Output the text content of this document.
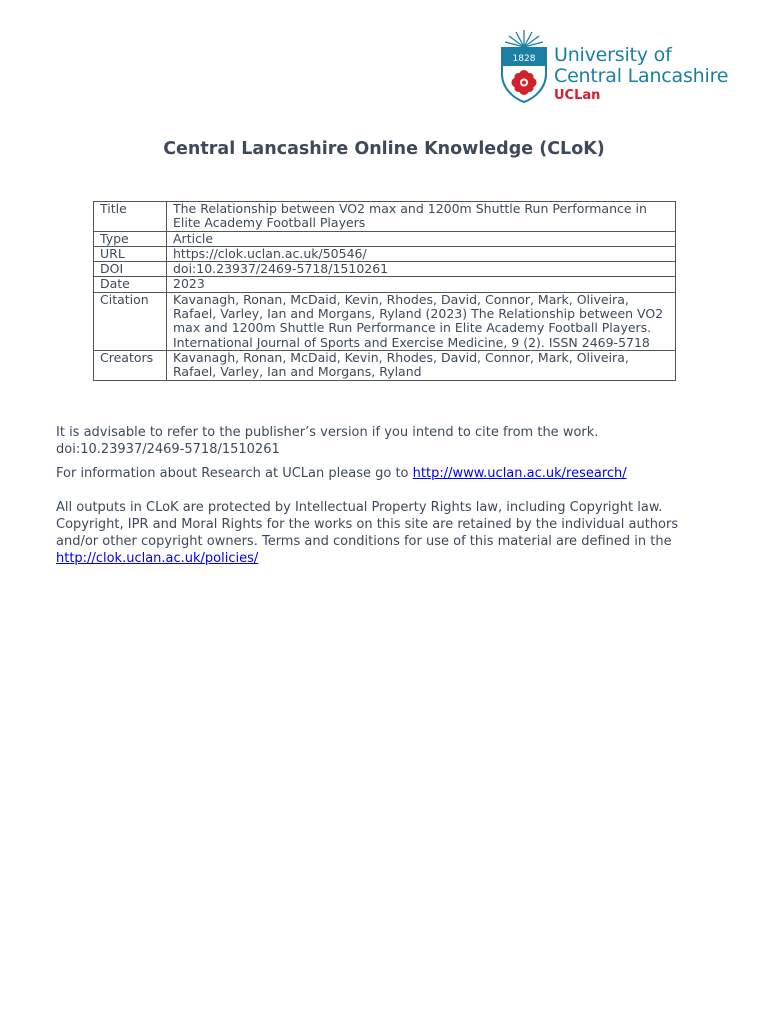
1828 University of
Central Lancashire
UCLan
Central Lancashire Online Knowledge (CLoK)
Title	The Relationship between VO2 max and 1200m Shuttle Run Performance in Elite Academy Football Players
Type	Article
URL	https://clok.uclan.ac.uk/50546/
DOI	doi:10.23937/2469-5718/1510261
Date	2023
Citation	Kavanagh, Ronan, McDaid, Kevin, Rhodes, David, Connor, Mark, Oliveira, Rafael, Varley, Ian and Morgans, Ryland (2023) The Relationship between VO2 max and 1200m Shuttle Run Performance in Elite Academy Football Players. International Journal of Sports and Exercise Medicine, 9 (2). ISSN 2469-5718
Creators	Kavanagh, Ronan, McDaid, Kevin, Rhodes, David, Connor, Mark, Oliveira, Rafael, Varley, Ian and Morgans, Ryland

It is advisable to refer to the publisher’s version if you intend to cite from the work.
doi:10.23937/2469-5718/1510261

For information about Research at UCLan please go to http://www.uclan.ac.uk/research/

All outputs in CLoK are protected by Intellectual Property Rights law, including Copyright law. Copyright, IPR and Moral Rights for the works on this site are retained by the individual authors and/or other copyright owners. Terms and conditions for use of this material are defined in the http://clok.uclan.ac.uk/policies/
